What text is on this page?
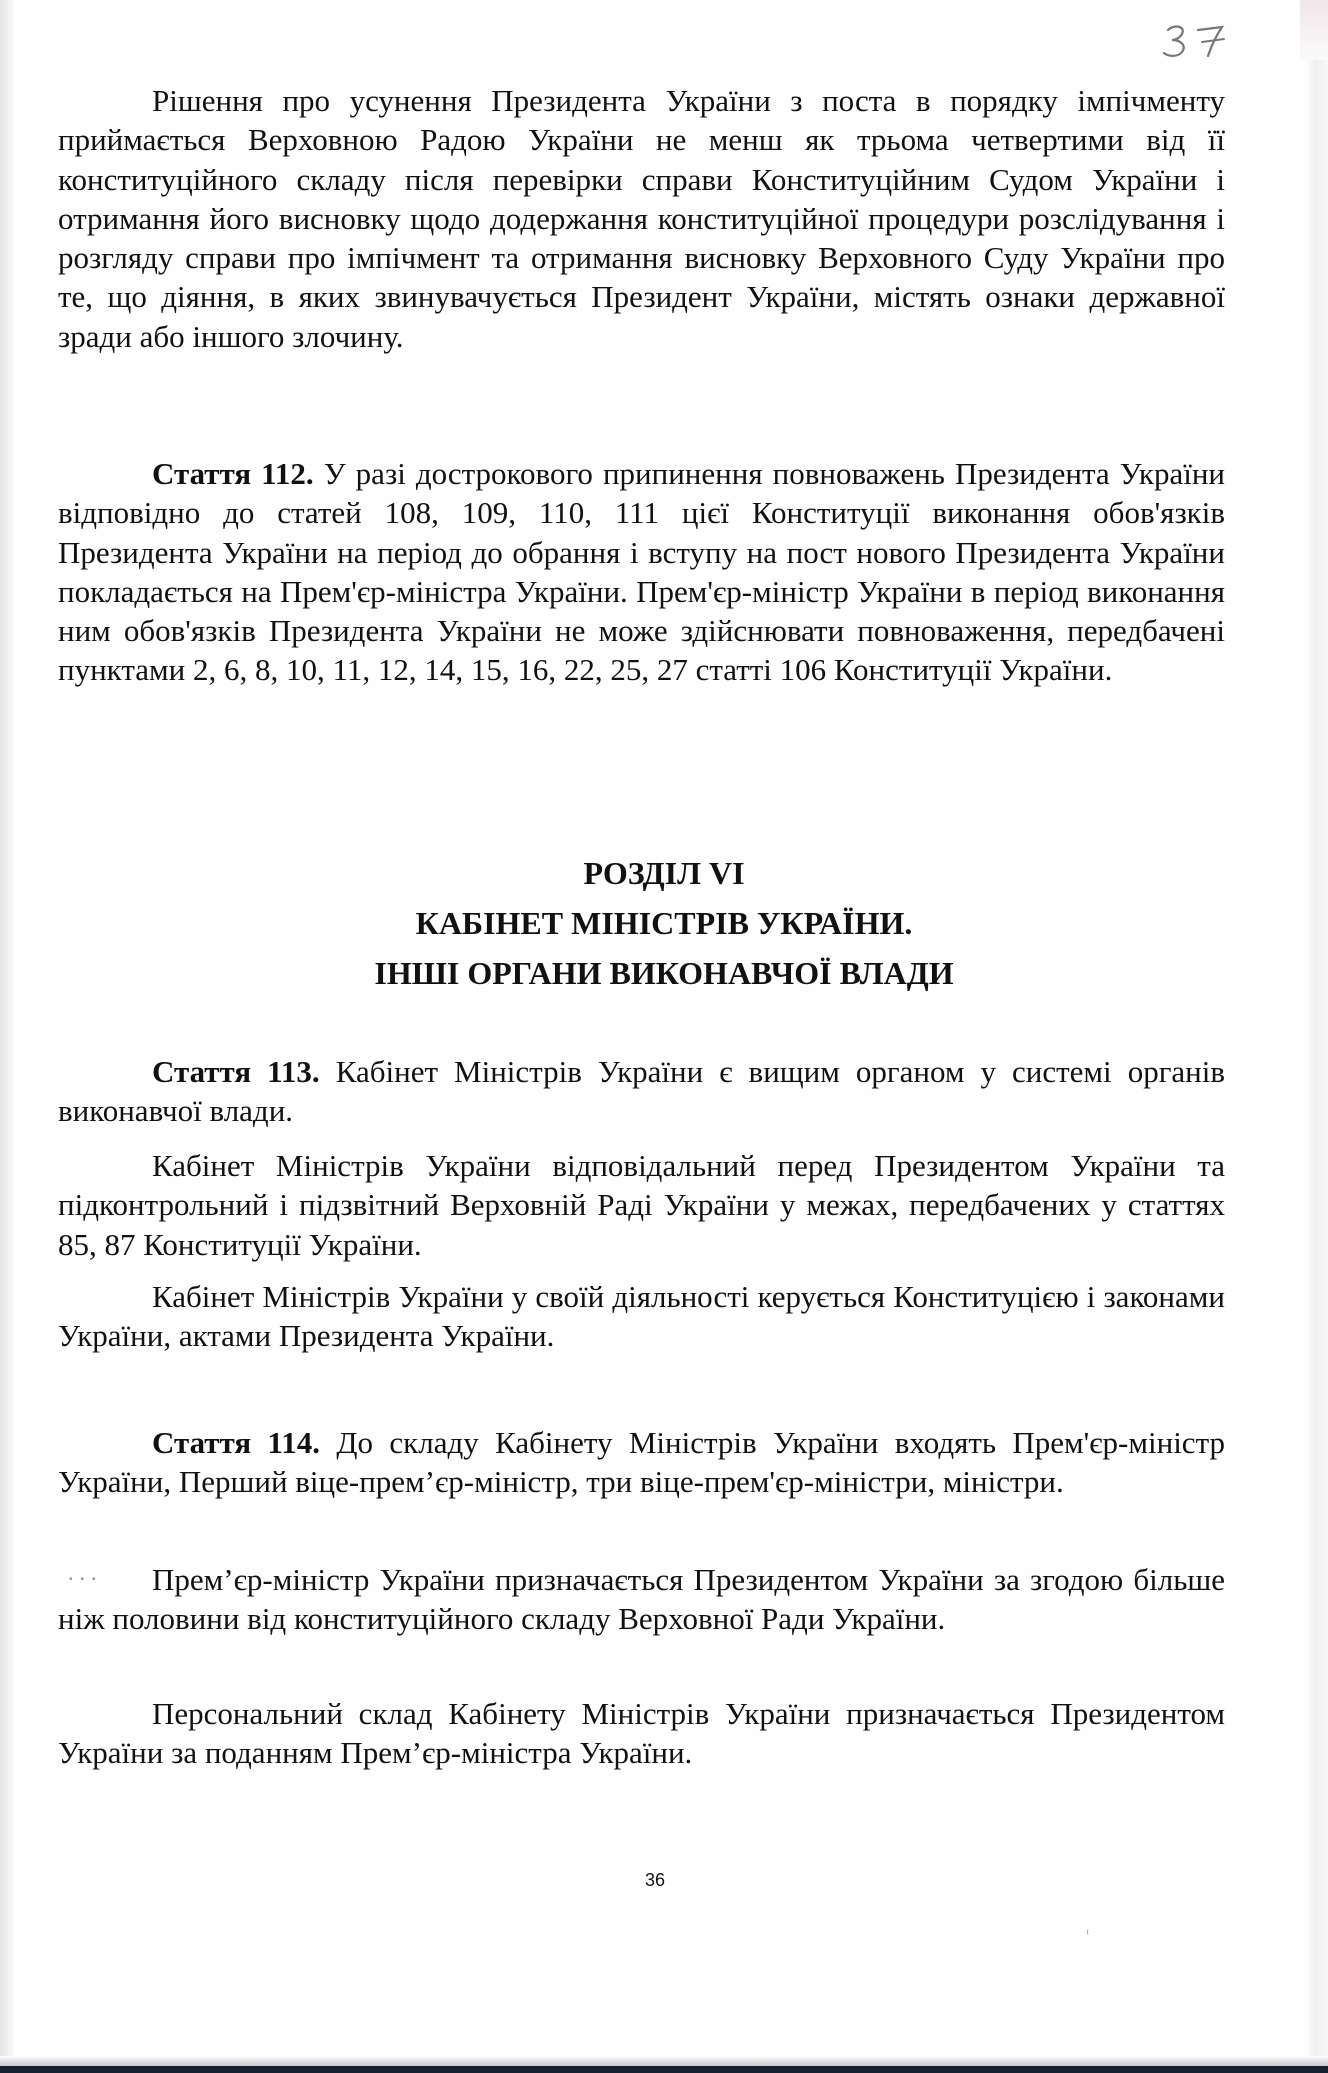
Рішення про усунення Президента України з поста в порядку імпічменту приймається Верховною Радою України не менш як трьома четвертими від її конституційного складу після перевірки справи Конституційним Судом України і отримання його висновку щодо додержання конституційної процедури розслідування і розгляду справи про імпічмент та отримання висновку Верховного Суду України про те, що діяння, в яких звинувачується Президент України, містять ознаки державної зради або іншого злочину.

Стаття 112. У разі дострокового припинення повноважень Президента України відповідно до статей 108, 109, 110, 111 цієї Конституції виконання обов'язків Президента України на період до обрання і вступу на пост нового Президента України покладається на Прем'єр-міністра України. Прем'єр-міністр України в період виконання ним обов'язків Президента України не може здійснювати повноваження, передбачені пунктами 2, 6, 8, 10, 11, 12, 14, 15, 16, 22, 25, 27 статті 106 Конституції України.

РОЗДІЛ VI
КАБІНЕТ МІНІСТРІВ УКРАЇНИ.
ІНШІ ОРГАНИ ВИКОНАВЧОЇ ВЛАДИ

Стаття 113. Кабінет Міністрів України є вищим органом у системі органів виконавчої влади.

Кабінет Міністрів України відповідальний перед Президентом України та підконтрольний і підзвітний Верховній Раді України у межах, передбачених у статтях 85, 87 Конституції України.

Кабінет Міністрів України у своїй діяльності керується Конституцією і законами України, актами Президента України.

Стаття 114. До складу Кабінету Міністрів України входять Прем'єр-міністр України, Перший віце-прем’єр-міністр, три віце-прем'єр-міністри, міністри.

...	Прем’єр-міністр України призначається Президентом України за згодою більше ніж половини від конституційного складу Верховної Ради України.

Персональний склад Кабінету Міністрів України призначається Президентом України за поданням Прем’єр-міністра України.

36
